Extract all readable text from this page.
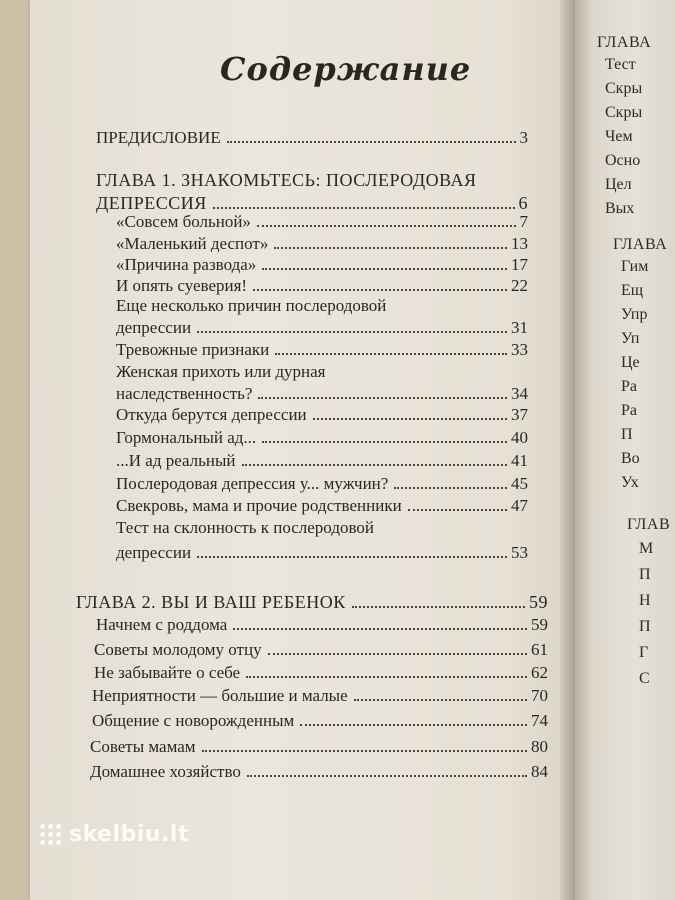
ГЛАВА
Тест
Скры
Скры
Чем
Осно
Цел
Вых
ГЛАВА
Гим
Ещ
Упр
Уп
Це
Ра
Ра
П
Во
Ух
ГЛАВ
М
П
Н
П
Г
С
Содержание
ПРЕДИСЛОВИЕ	3
ГЛАВА 1. ЗНАКОМЬТЕСЬ: ПОСЛЕРОДОВАЯ
ДЕПРЕССИЯ	6
«Совсем больной»	7
«Маленький деспот»	13
«Причина развода»	17
И опять суеверия!	22
Еще несколько причин послеродовой
депрессии	31
Тревожные признаки	33
Женская прихоть или дурная
наследственность?	34
Откуда берутся депрессии	37
Гормональный ад...	40
...И ад реальный	41
Послеродовая депрессия у... мужчин?	45
Свекровь, мама и прочие родственники	47
Тест на склонность к послеродовой
депрессии	53
ГЛАВА 2. ВЫ И ВАШ РЕБЕНОК	59
Начнем с роддома	59
Советы молодому отцу	61
Не забывайте о себе	62
Неприятности — большие и малые	70
Общение с новорожденным	74
Советы мамам	80
Домашнее хозяйство	84
skelbiu.lt
